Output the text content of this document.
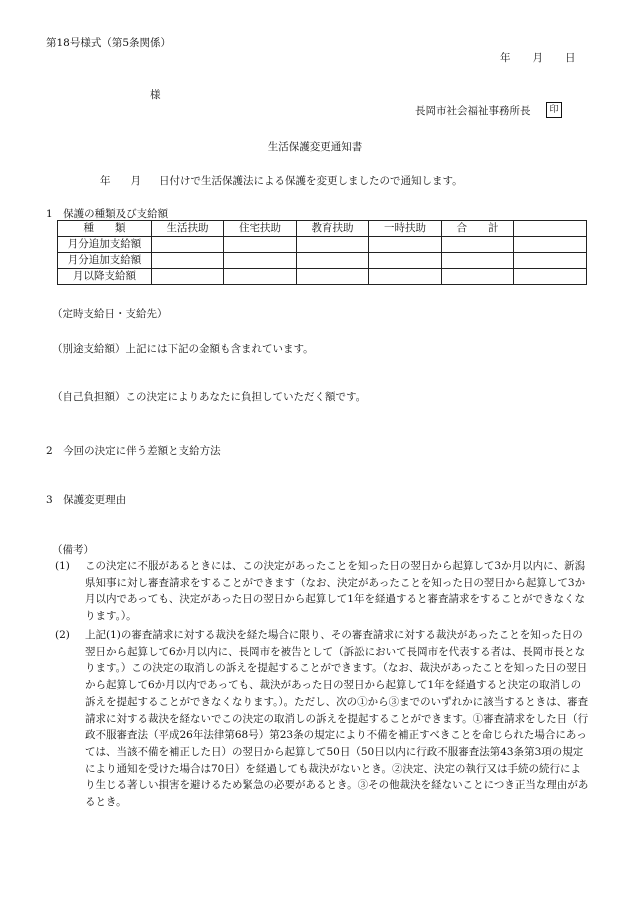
第18号様式（第5条関係）
年 月 日
様
長岡市社会福祉事務所長	印
生活保護変更通知書
年 月 日付けで生活保護法による保護を変更しましたので通知します。
1　保護の種類及び支給額
種　　類	生活扶助	住宅扶助	教育扶助	一時扶助	合　　計	
月分追加支給額						
月分追加支給額						
月以降支給額						
（定時支給日・支給先）
（別途支給額）上記には下記の金額も含まれています。
（自己負担額）この決定によりあなたに負担していただく額です。
2　今回の決定に伴う差額と支給方法
3　保護変更理由
（備考）
(1) この決定に不服があるときには、この決定があったことを知った日の翌日から起算して3か月以内に、新潟県知事に対し審査請求をすることができます（なお、決定があったことを知った日の翌日から起算して3か月以内であっても、決定があった日の翌日から起算して1年を経過すると審査請求をすることができなくなります。）。
(2) 上記(1)の審査請求に対する裁決を経た場合に限り、その審査請求に対する裁決があったことを知った日の翌日から起算して6か月以内に、長岡市を被告として（訴訟において長岡市を代表する者は、長岡市長となります。）この決定の取消しの訴えを提起することができます。（なお、裁決があったことを知った日の翌日から起算して6か月以内であっても、裁決があった日の翌日から起算して1年を経過すると決定の取消しの訴えを提起することができなくなります。）。ただし、次の①から③までのいずれかに該当するときは、審査請求に対する裁決を経ないでこの決定の取消しの訴えを提起することができます。①審査請求をした日（行政不服審査法（平成26年法律第68号）第23条の規定により不備を補正すべきことを命じられた場合にあっては、当該不備を補正した日）の翌日から起算して50日（50日以内に行政不服審査法第43条第3項の規定により通知を受けた場合は70日）を経過しても裁決がないとき。②決定、決定の執行又は手続の続行により生じる著しい損害を避けるため緊急の必要があるとき。③その他裁決を経ないことにつき正当な理由があるとき。
